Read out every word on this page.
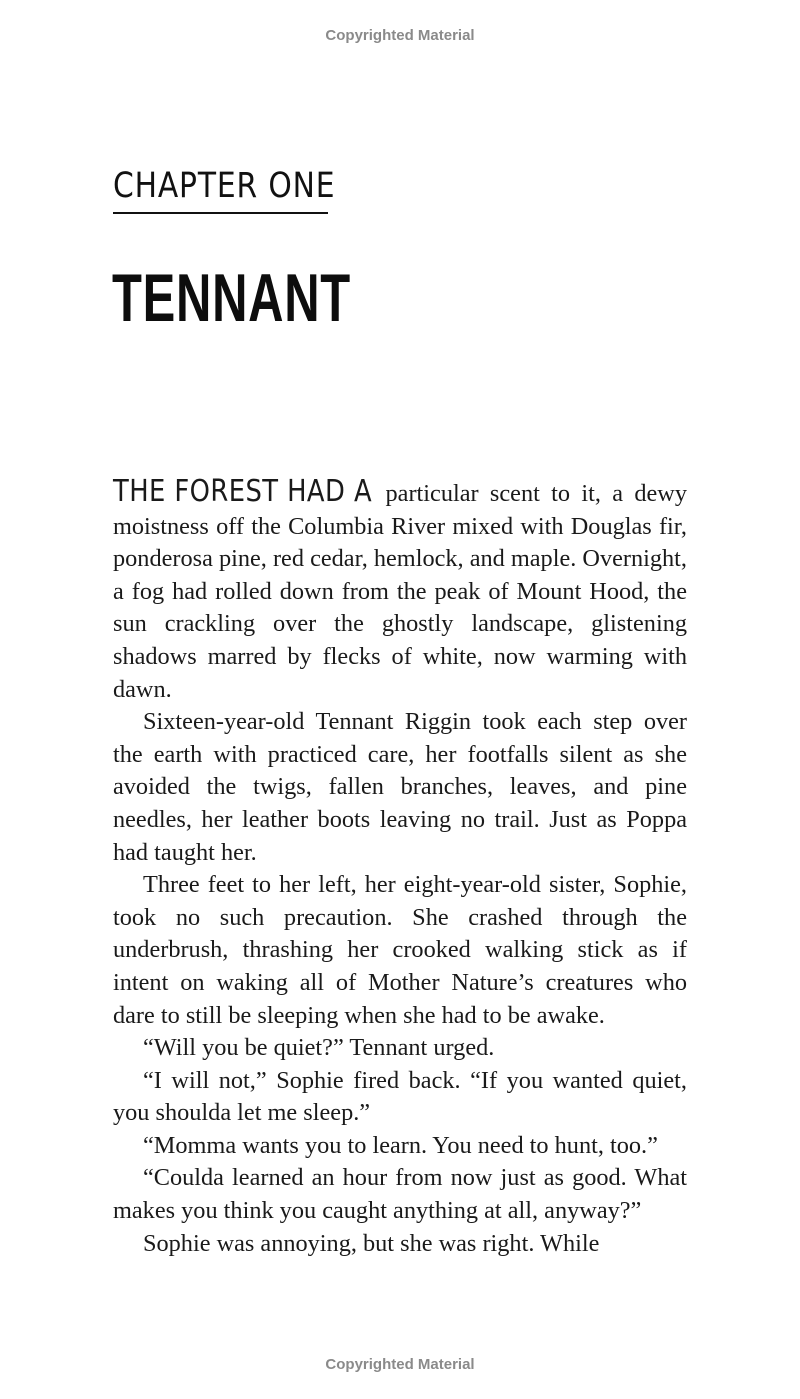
Copyrighted Material
CHAPTER ONE
TENNANT

THE FOREST HAD A particular scent to it, a dewy moistness off the Columbia River mixed with Douglas fir, ponderosa pine, red cedar, hemlock, and maple. Overnight, a fog had rolled down from the peak of Mount Hood, the sun crackling over the ghostly landscape, glistening shadows marred by flecks of white, now warming with dawn.

Sixteen-year-old Tennant Riggin took each step over the earth with practiced care, her footfalls silent as she avoided the twigs, fallen branches, leaves, and pine needles, her leather boots leaving no trail. Just as Poppa had taught her.

Three feet to her left, her eight-year-old sister, Sophie, took no such precaution. She crashed through the underbrush, thrashing her crooked walking stick as if intent on waking all of Mother Nature’s creatures who dare to still be sleeping when she had to be awake.

“Will you be quiet?” Tennant urged.

“I will not,” Sophie fired back. “If you wanted quiet, you shoulda let me sleep.”

“Momma wants you to learn. You need to hunt, too.”

“Coulda learned an hour from now just as good. What makes you think you caught anything at all, anyway?”

Sophie was annoying, but she was right. While

Copyrighted Material
